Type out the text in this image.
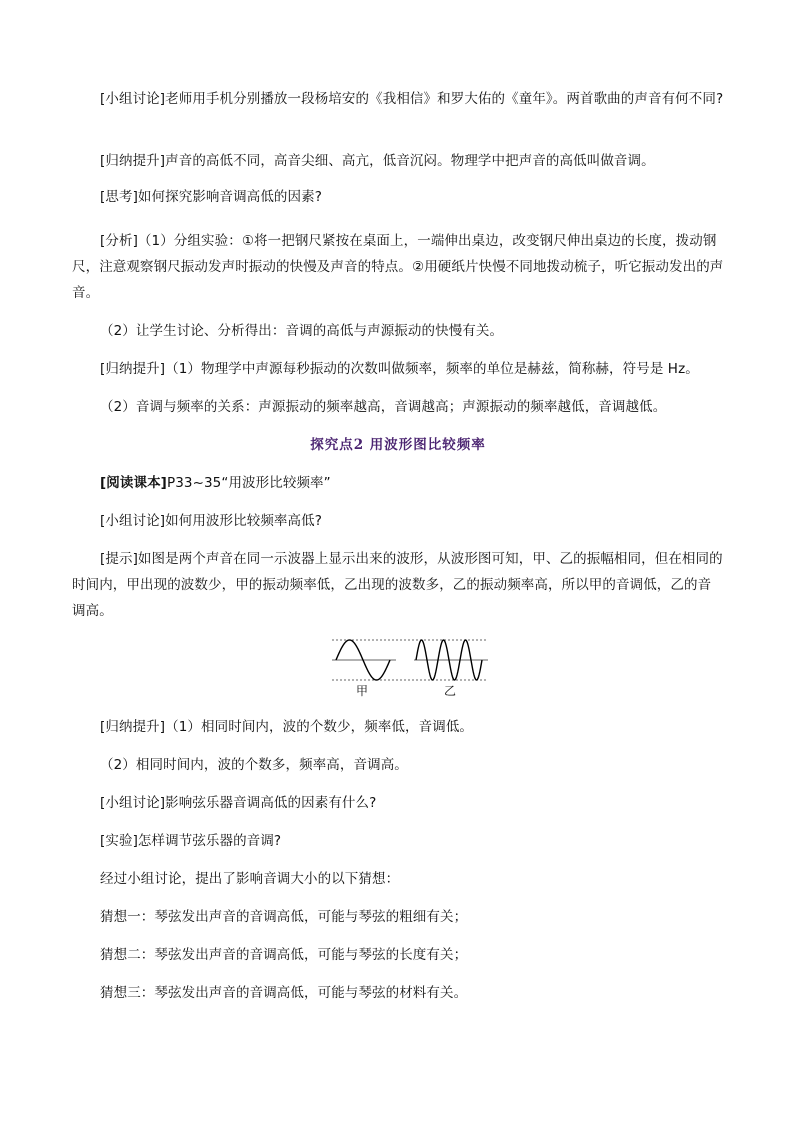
[小组讨论]老师用手机分别播放一段杨培安的《我相信》和罗大佑的《童年》。两首歌曲的声音有何不同?

[归纳提升]声音的高低不同，高音尖细、高亢，低音沉闷。物理学中把声音的高低叫做音调。

[思考]如何探究影响音调高低的因素?

[分析]（1）分组实验：①将一把钢尺紧按在桌面上，一端伸出桌边，改变钢尺伸出桌边的长度，拨动钢尺，注意观察钢尺振动发声时振动的快慢及声音的特点。②用硬纸片快慢不同地拨动梳子，听它振动发出的声音。

（2）让学生讨论、分析得出：音调的高低与声源振动的快慢有关。

[归纳提升]（1）物理学中声源每秒振动的次数叫做频率，频率的单位是赫兹，简称赫，符号是 Hz。

（2）音调与频率的关系：声源振动的频率越高，音调越高；声源振动的频率越低，音调越低。

探究点2 用波形图比较频率

[阅读课本]P33~35“用波形比较频率”

[小组讨论]如何用波形比较频率高低?

[提示]如图是两个声音在同一示波器上显示出来的波形，从波形图可知，甲、乙的振幅相同，但在相同的时间内，甲出现的波数少，甲的振动频率低，乙出现的波数多，乙的振动频率高，所以甲的音调低，乙的音调高。

甲	乙

[归纳提升]（1）相同时间内，波的个数少，频率低，音调低。

（2）相同时间内，波的个数多，频率高，音调高。

[小组讨论]影响弦乐器音调高低的因素有什么?

[实验]怎样调节弦乐器的音调?

经过小组讨论，提出了影响音调大小的以下猜想：

猜想一：琴弦发出声音的音调高低，可能与琴弦的粗细有关；

猜想二：琴弦发出声音的音调高低，可能与琴弦的长度有关；

猜想三：琴弦发出声音的音调高低，可能与琴弦的材料有关。
